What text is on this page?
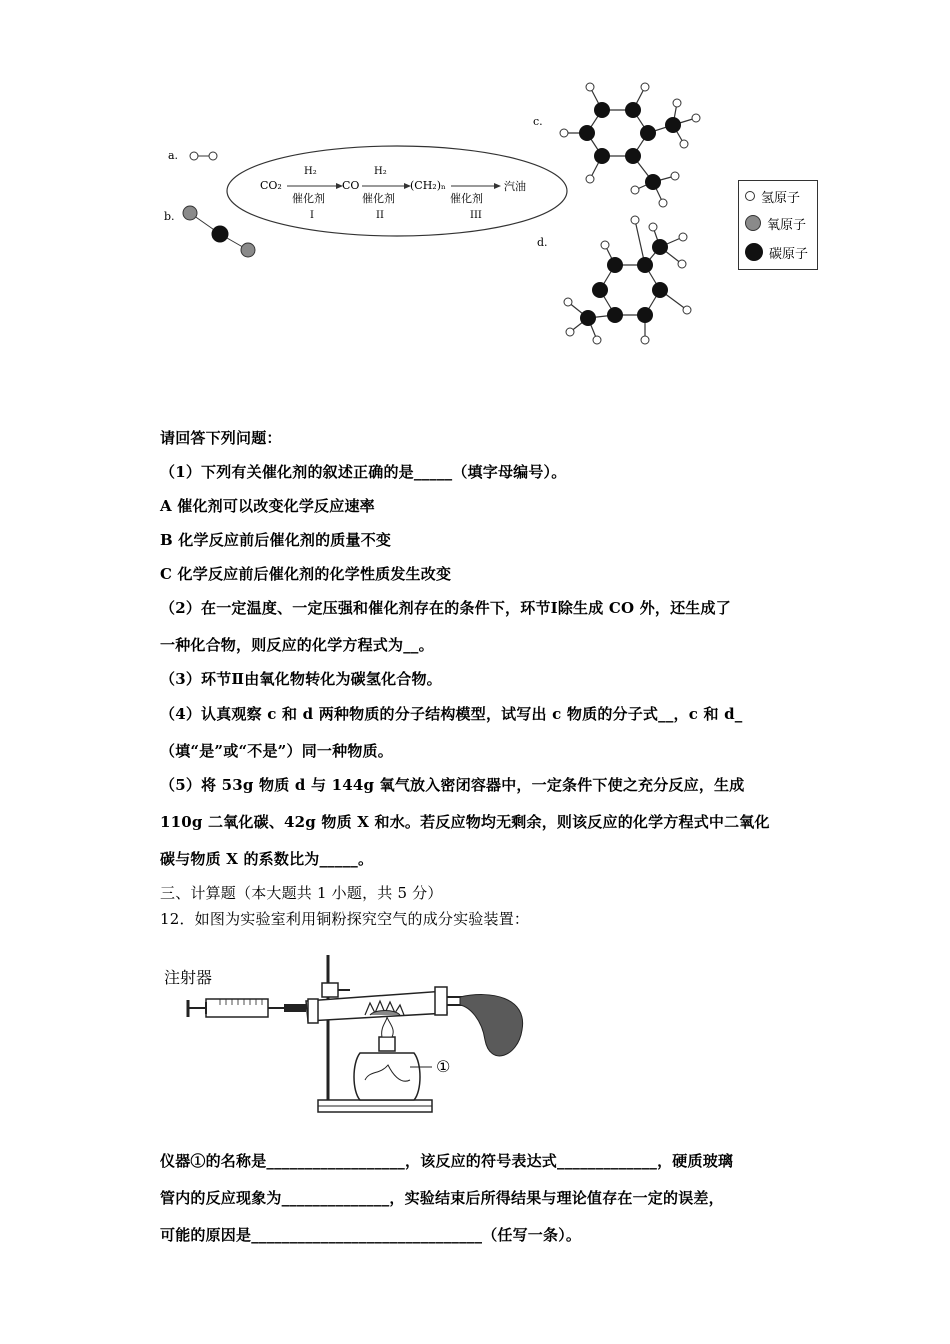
a.
b.
c.
d.
CO₂
H₂
催化剂
I
CO
H₂
催化剂
II
(CH₂)ₙ
催化剂
III
汽油
氢原子
氧原子
碳原子
请回答下列问题：
（1）下列有关催化剂的叙述正确的是_____（填字母编号）。
A 催化剂可以改变化学反应速率
B 化学反应前后催化剂的质量不变
C 化学反应前后催化剂的化学性质发生改变
（2）在一定温度、一定压强和催化剂存在的条件下，环节Ⅰ除生成 CO 外，还生成了
一种化合物，则反应的化学方程式为__。
（3）环节Ⅱ由氧化物转化为碳氢化合物。
（4）认真观察 c 和 d 两种物质的分子结构模型，试写出 c 物质的分子式__，c 和 d_
（填“是”或“不是”）同一种物质。
（5）将 53g 物质 d 与 144g 氧气放入密闭容器中，一定条件下使之充分反应，生成
110g 二氧化碳、42g 物质 X 和水。若反应物均无剩余，则该反应的化学方程式中二氧化
碳与物质 X 的系数比为_____。
三、计算题（本大题共 1 小题，共 5 分）
12．如图为实验室利用铜粉探究空气的成分实验装置：
注射器
①
仪器①的名称是__________________，该反应的符号表达式_____________，硬质玻璃
管内的反应现象为______________，实验结束后所得结果与理论值存在一定的误差，
可能的原因是______________________________（任写一条）。
